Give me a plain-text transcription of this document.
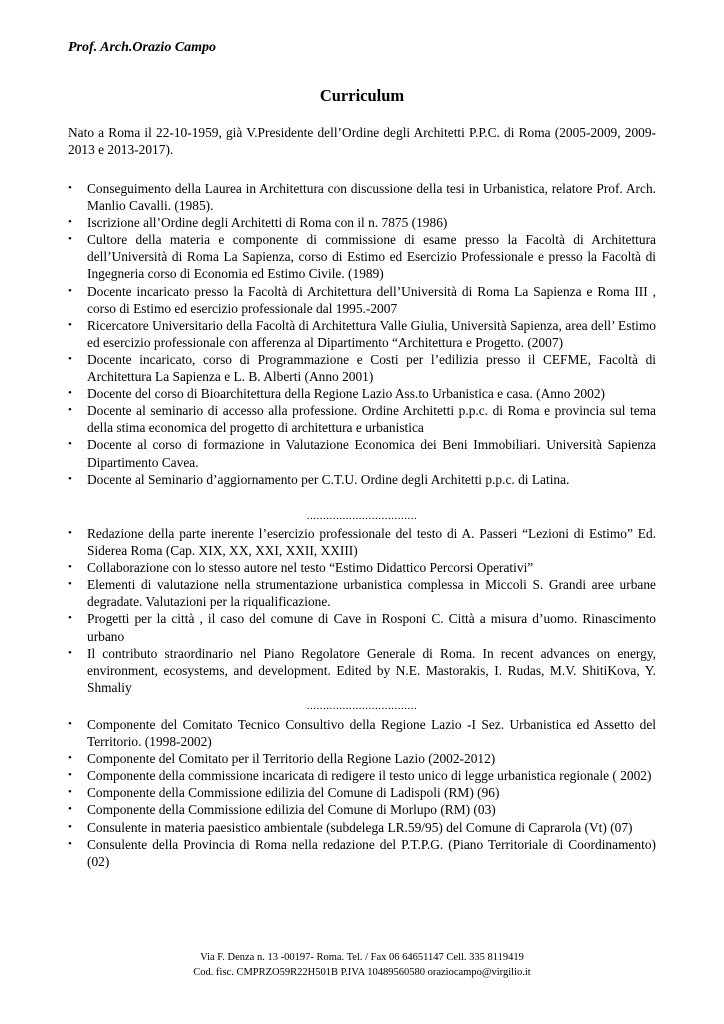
Prof. Arch.Orazio Campo
Curriculum

Nato a Roma il 22-10-1959, già V.Presidente dell’Ordine degli Architetti P.P.C. di Roma (2005-2009, 2009-2013 e 2013-2017).

• Conseguimento della Laurea in Architettura con discussione della tesi in Urbanistica, relatore Prof. Arch. Manlio Cavalli. (1985).
• Iscrizione all’Ordine degli Architetti di Roma con il n. 7875 (1986)
• Cultore della materia e componente di commissione di esame presso la Facoltà di Architettura dell’Università di Roma La Sapienza, corso di Estimo ed Esercizio Professionale e presso la Facoltà di Ingegneria corso di Economia ed Estimo Civile. (1989)
• Docente incaricato presso la Facoltà di Architettura dell’Università di Roma La Sapienza e Roma III , corso di Estimo ed esercizio professionale dal 1995.-2007
• Ricercatore Universitario della Facoltà di Architettura Valle Giulia, Università Sapienza, area dell’ Estimo ed esercizio professionale con afferenza al Dipartimento “Architettura e Progetto. (2007)
• Docente incaricato, corso di Programmazione e Costi per l’edilizia presso il CEFME, Facoltà di Architettura La Sapienza e L. B. Alberti (Anno 2001)
• Docente del corso di Bioarchitettura della Regione Lazio Ass.to Urbanistica e casa. (Anno 2002)
• Docente al seminario di accesso alla professione. Ordine Architetti p.p.c. di Roma e provincia sul tema della stima economica del progetto di architettura e urbanistica
• Docente al corso di formazione in Valutazione Economica dei Beni Immobiliari. Università Sapienza Dipartimento Cavea.
• Docente al Seminario d’aggiornamento per C.T.U. Ordine degli Architetti p.p.c. di Latina.
..................................
• Redazione della parte inerente l’esercizio professionale del testo di A. Passeri “Lezioni di Estimo” Ed. Siderea Roma (Cap. XIX, XX, XXI, XXII, XXIII)
• Collaborazione con lo stesso autore nel testo “Estimo Didattico Percorsi Operativi”
• Elementi di valutazione nella strumentazione urbanistica complessa in Miccoli S. Grandi aree urbane degradate. Valutazioni per la riqualificazione.
• Progetti per la città , il caso del comune di Cave in Rosponi C. Città a misura d’uomo. Rinascimento urbano
• Il contributo straordinario nel Piano Regolatore Generale di Roma. In recent advances on energy, environment, ecosystems, and development. Edited by N.E. Mastorakis, I. Rudas, M.V. ShitiKova, Y. Shmaliy
..................................
• Componente del Comitato Tecnico Consultivo della Regione Lazio -I Sez. Urbanistica ed Assetto del Territorio. (1998-2002)
• Componente del Comitato per il Territorio della Regione Lazio (2002-2012)
• Componente della commissione incaricata di redigere il testo unico di legge urbanistica regionale ( 2002)
• Componente della Commissione edilizia del Comune di Ladispoli (RM) (96)
• Componente della Commissione edilizia del Comune di Morlupo (RM) (03)
• Consulente in materia paesistico ambientale (subdelega LR.59/95) del Comune di Caprarola (Vt) (07)
• Consulente della Provincia di Roma nella redazione del P.T.P.G. (Piano Territoriale di Coordinamento) (02)
Via F. Denza n. 13 -00197- Roma. Tel. / Fax 06 64651147 Cell. 335 8119419
Cod. fisc. CMPRZO59R22H501B P.IVA 10489560580 oraziocampo@virgilio.it
